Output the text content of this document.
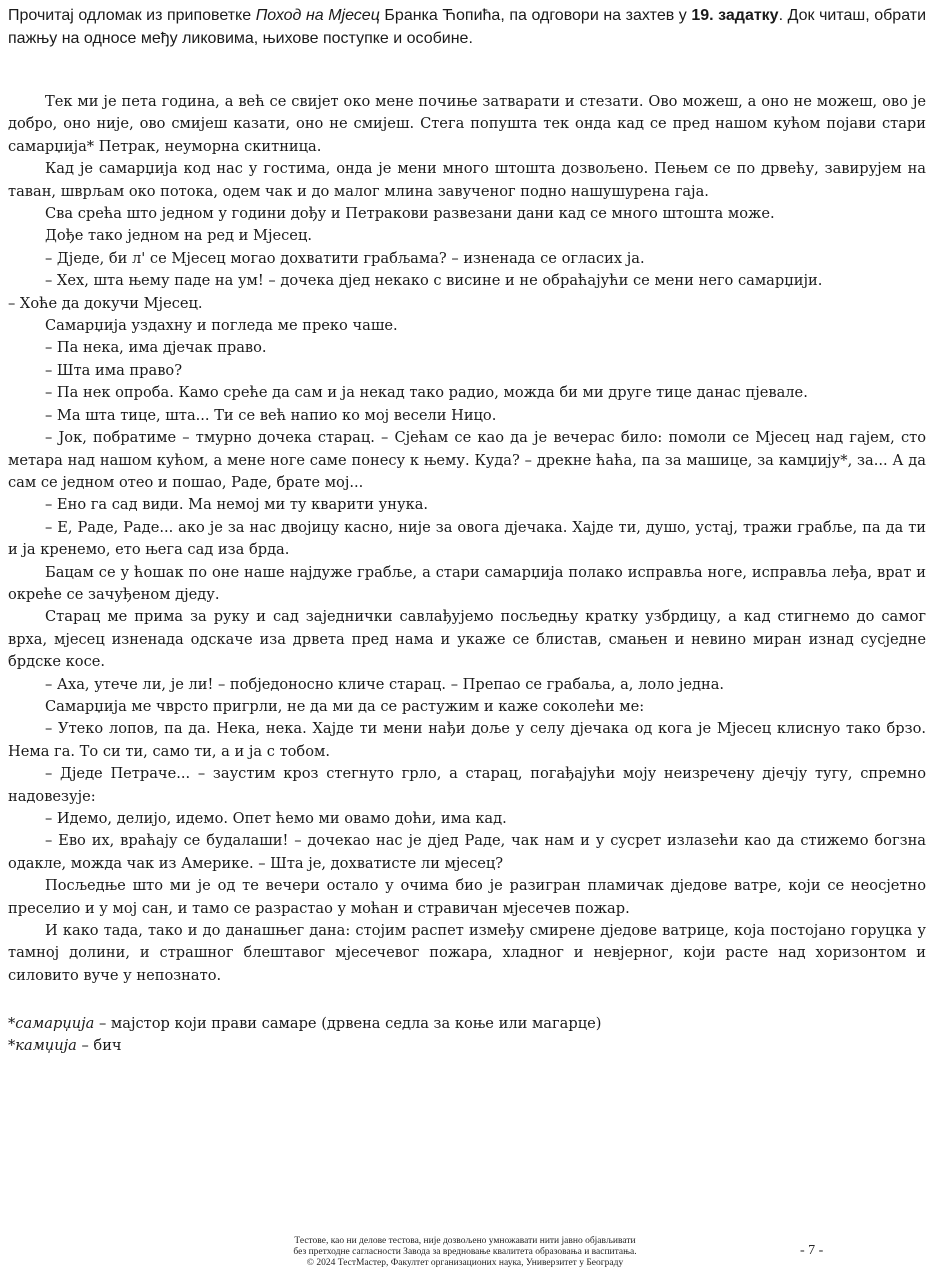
Прочитај одломак из приповетке Поход на Мјесец Бранка Ћопића, па одговори на захтев у 19. задатку. Док читаш, обрати пажњу на односе међу ликовима, њихове поступке и особине.

Тек ми је пета година, а већ се свијет око мене почиње затварати и стезати. Ово можеш, а оно не можеш, ово је добро, оно није, ово смијеш казати, оно не смијеш. Стега попушта тек онда кад се пред нашом кућом појави стари самарџија* Петрак, неуморна скитница.

Кад је самарџија код нас у гостима, онда је мени много штошта дозвољено. Пењем се по дрвећу, завирујем на таван, шврљам око потока, одем чак и до малог млина завученог подно нашушурена гаја.

Сва срећа што једном у години дођу и Петракови развезани дани кад се много штошта може.

Дође тако једном на ред и Мјесец.

– Дједе, би л' се Мјесец могао дохватити грабљама? – изненада се огласих ја.

– Хех, шта њему паде на ум! – дочека дјед некако с висине и не обраћајући се мени него самарџији.

– Хоће да докучи Мјесец.

Самарџија уздахну и погледа ме преко чаше.

– Па нека, има дјечак право.

– Шта има право?

– Па нек опроба. Камо среће да сам и ја некад тако радио, можда би ми друге тице данас пјевале.

– Ма шта тице, шта... Ти се већ напио ко мој весели Ницо.

– Јок, побратиме – тмурно дочека старац. – Сјећам се као да је вечерас било: помоли се Мјесец над гајем, сто метара над нашом кућом, а мене ноге саме понесу к њему. Куда? – дрекне ћаћа, па за машице, за камџију*, за... А да сам се једном отео и пошао, Раде, брате мој...

– Ено га сад види. Ма немој ми ту кварити унука.

– Е, Раде, Раде... ако је за нас двојицу касно, није за овога дјечака. Хајде ти, душо, устај, тражи грабље, па да ти и ја кренемо, ето њега сад иза брда.

Бацам се у ћошак по оне наше најдуже грабље, а стари самарџија полако исправља ноге, исправља леђа, врат и окреће се зачуђеном дједу.

Старац ме прима за руку и сад заједнички савлађујемо посљедњу кратку узбрдицу, а кад стигнемо до самог врха, мјесец изненада одскаче иза дрвета пред нама и укаже се блистав, смањен и невино миран изнад сусједне брдске косе.

– Аха, утече ли, је ли! – побједоносно кличе старац. – Препао се грабаља, а, лоло једна.

Самарџија ме чврсто пригрли, не да ми да се растужим и каже соколећи ме:

– Утеко лопов, па да. Нека, нека. Хајде ти мени нађи доље у селу дјечака од кога је Мјесец клиснуо тако брзо. Нема га. То си ти, само ти, а и ја с тобом.

– Дједе Петраче... – заустим кроз стегнуто грло, а старац, погађајући моју неизречену дјечју тугу, спремно надовезује:

– Идемо, делијо, идемо. Опет ћемо ми овамо доћи, има кад.

– Ево их, враћају се будалаши! – дочекао нас је дјед Раде, чак нам и у сусрет излазећи као да стижемо богзна одакле, можда чак из Америке. – Шта је, дохватисте ли мјесец?

Посљедње што ми је од те вечери остало у очима био је разигран пламичак дједове ватре, који се неосјетно преселио и у мој сан, и тамо се разрастао у моћан и стравичан мјесечев пожар.

И како тада, тако и до данашњег дана: стојим распет између смирене дједове ватрице, која постојано горуцка у тамној долини, и страшног блештавог мјесечевог пожара, хладног и невјерног, који расте над хоризонтом и силовито вуче у непознато.

*самарџија – мајстор који прави самаре (дрвена седла за коње или магарце)

*камџија – бич

Тестове, као ни делове тестова, није дозвољено умножавати нити јавно објављивати
без претходне сагласности Завода за вредновање квалитета образовања и васпитања.
© 2024 ТестМастер, Факултет организационих наука, Универзитет у Београду
- 7 -
